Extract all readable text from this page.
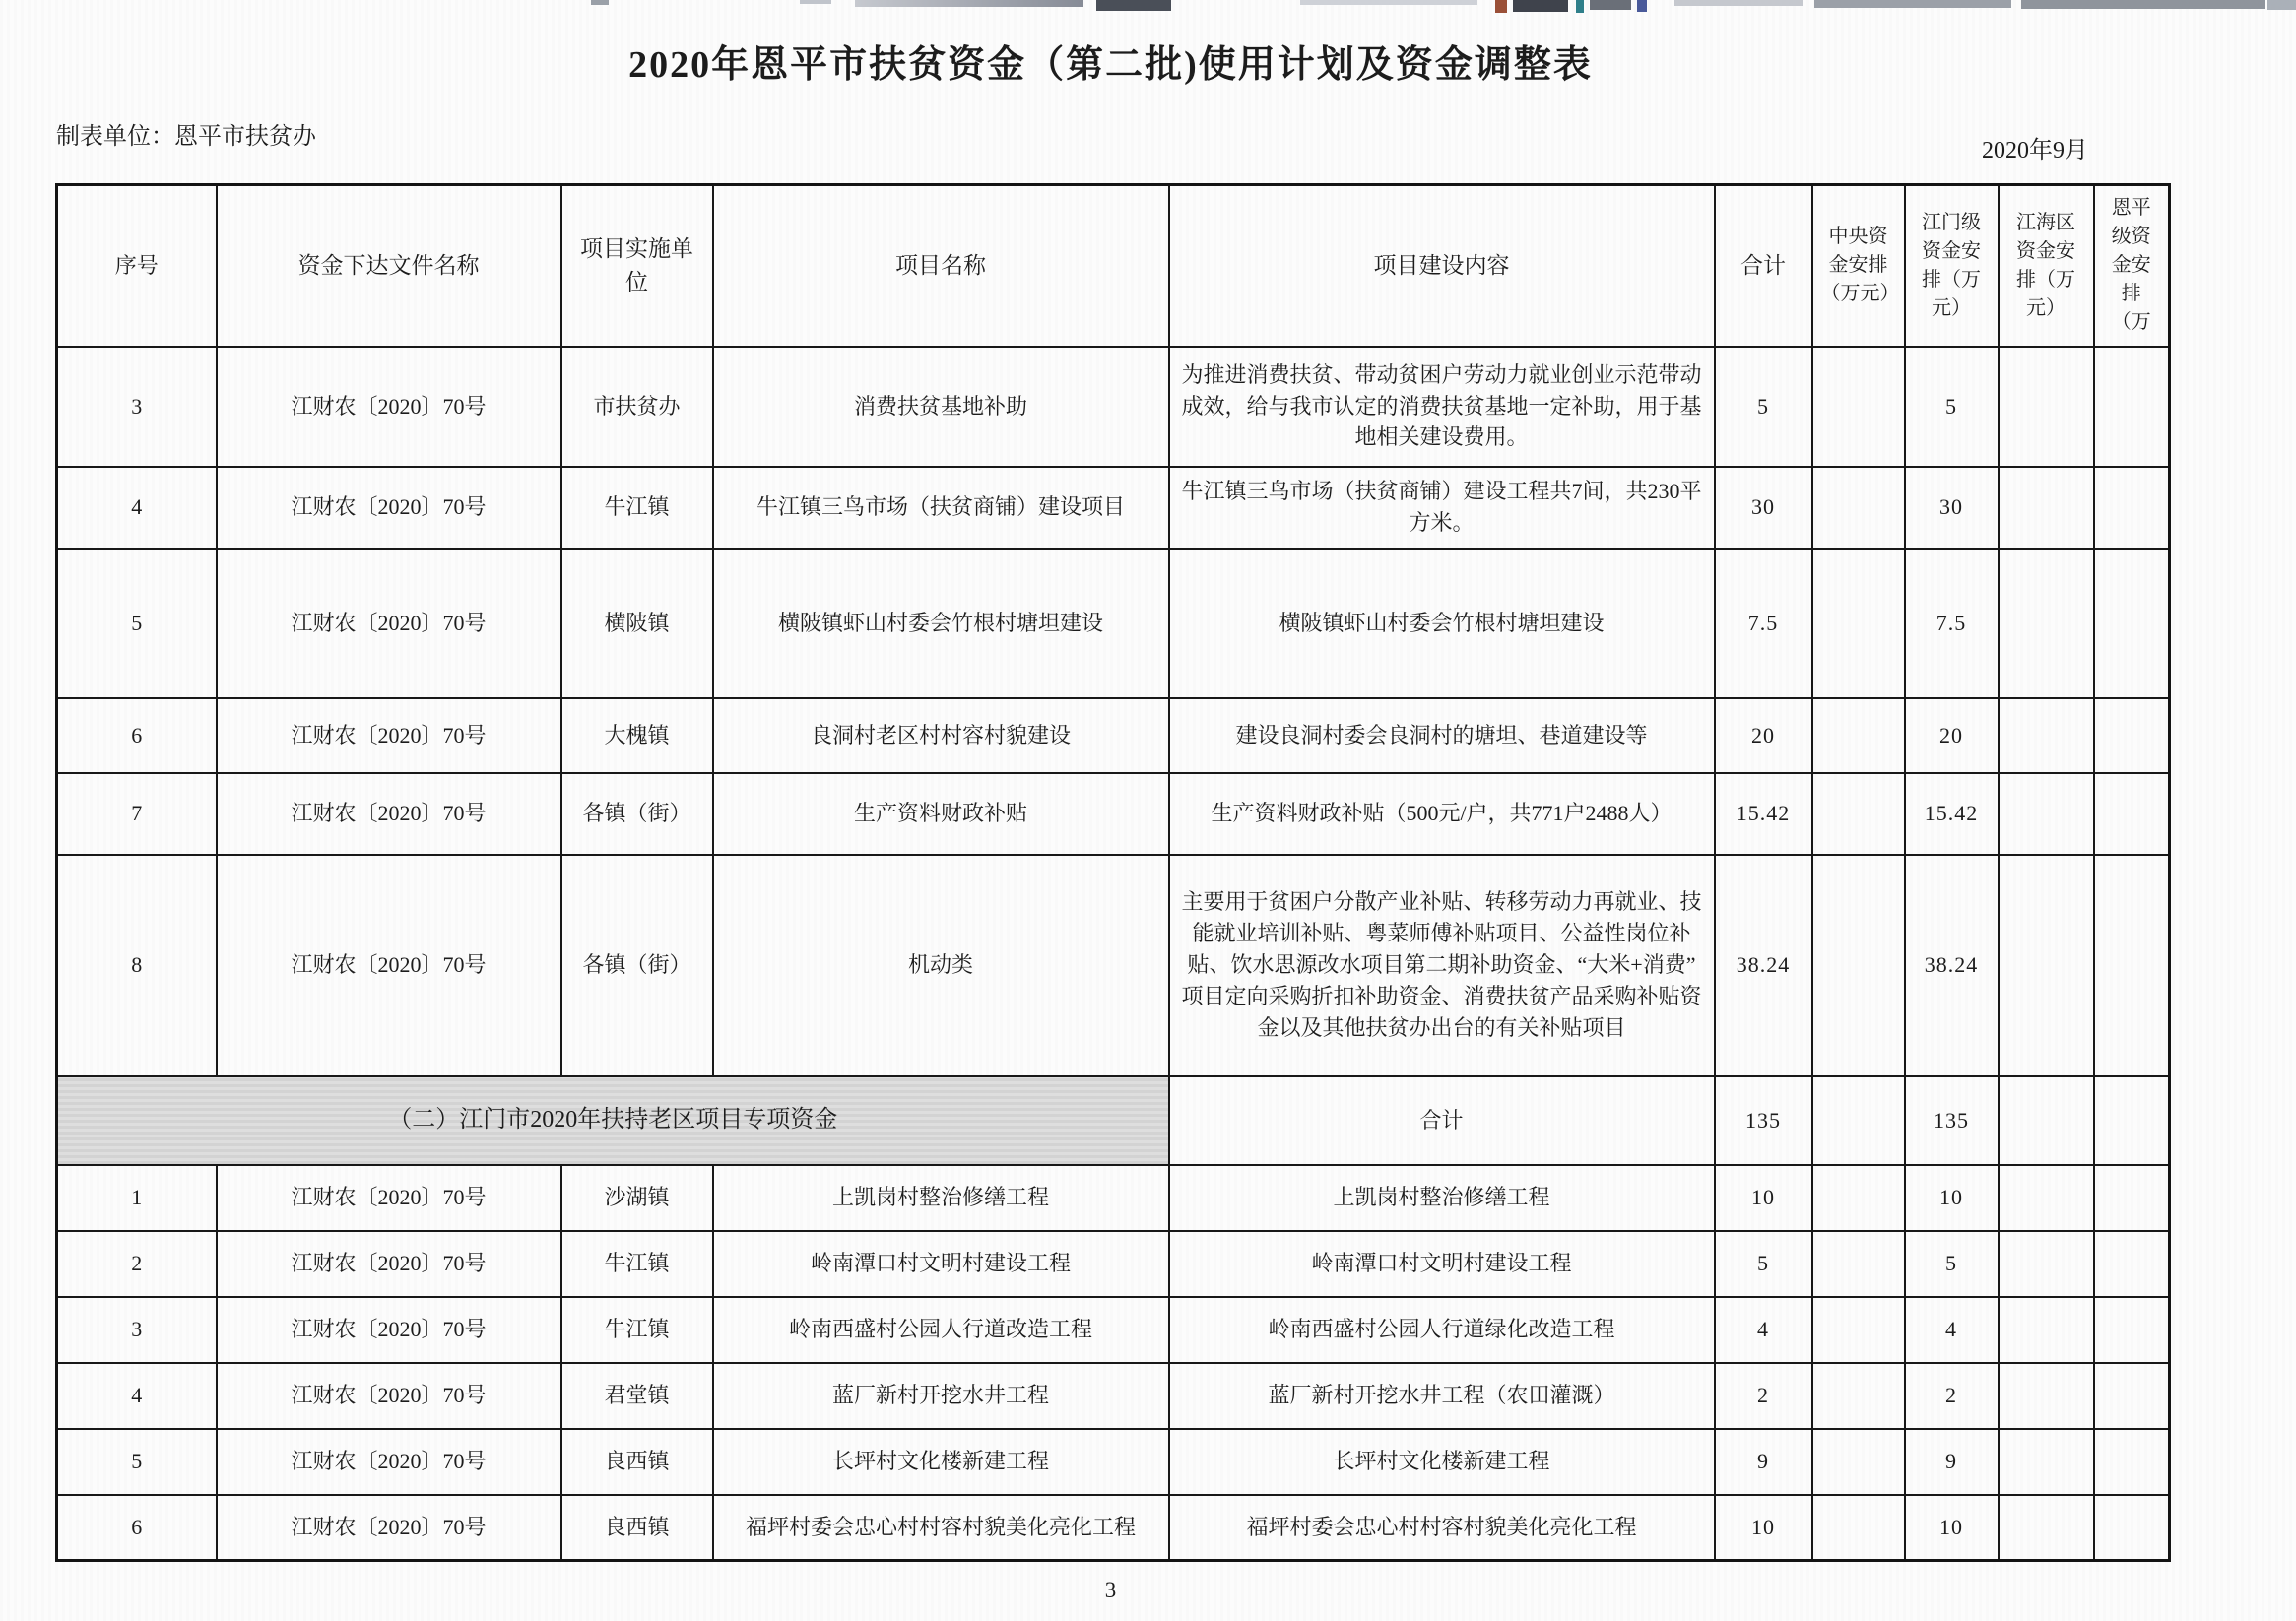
2020年恩平市扶贫资金（第二批)使用计划及资金调整表
制表单位：恩平市扶贫办
2020年9月
序号	资金下达文件名称	项目实施单位	项目名称	项目建设内容	合计	中央资金安排（万元）	江门级资金安排（万元）	江海区资金安排（万元）	恩平级资金安排（万
3	江财农〔2020〕70号	市扶贫办	消费扶贫基地补助	为推进消费扶贫、带动贫困户劳动力就业创业示范带动成效，给与我市认定的消费扶贫基地一定补助，用于基地相关建设费用。	5		5		
4	江财农〔2020〕70号	牛江镇	牛江镇三鸟市场（扶贫商铺）建设项目	牛江镇三鸟市场（扶贫商铺）建设工程共7间，共230平方米。	30		30		
5	江财农〔2020〕70号	横陂镇	横陂镇虾山村委会竹根村塘坦建设	横陂镇虾山村委会竹根村塘坦建设	7.5		7.5		
6	江财农〔2020〕70号	大槐镇	良洞村老区村村容村貌建设	建设良洞村委会良洞村的塘坦、巷道建设等	20		20		
7	江财农〔2020〕70号	各镇（街）	生产资料财政补贴	生产资料财政补贴（500元/户，共771户2488人）	15.42		15.42		
8	江财农〔2020〕70号	各镇（街）	机动类	主要用于贫困户分散产业补贴、转移劳动力再就业、技能就业培训补贴、粤菜师傅补贴项目、公益性岗位补贴、饮水思源改水项目第二期补助资金、“大米+消费”项目定向采购折扣补助资金、消费扶贫产品采购补贴资金以及其他扶贫办出台的有关补贴项目	38.24		38.24		
（二）江门市2020年扶持老区项目专项资金				合计	135		135		
1	江财农〔2020〕70号	沙湖镇	上凯岗村整治修缮工程	上凯岗村整治修缮工程	10		10		
2	江财农〔2020〕70号	牛江镇	岭南潭口村文明村建设工程	岭南潭口村文明村建设工程	5		5		
3	江财农〔2020〕70号	牛江镇	岭南西盛村公园人行道改造工程	岭南西盛村公园人行道绿化改造工程	4		4		
4	江财农〔2020〕70号	君堂镇	蓝厂新村开挖水井工程	蓝厂新村开挖水井工程（农田灌溉）	2		2		
5	江财农〔2020〕70号	良西镇	长坪村文化楼新建工程	长坪村文化楼新建工程	9		9		
6	江财农〔2020〕70号	良西镇	福坪村委会忠心村村容村貌美化亮化工程	福坪村委会忠心村村容村貌美化亮化工程	10		10		
3
